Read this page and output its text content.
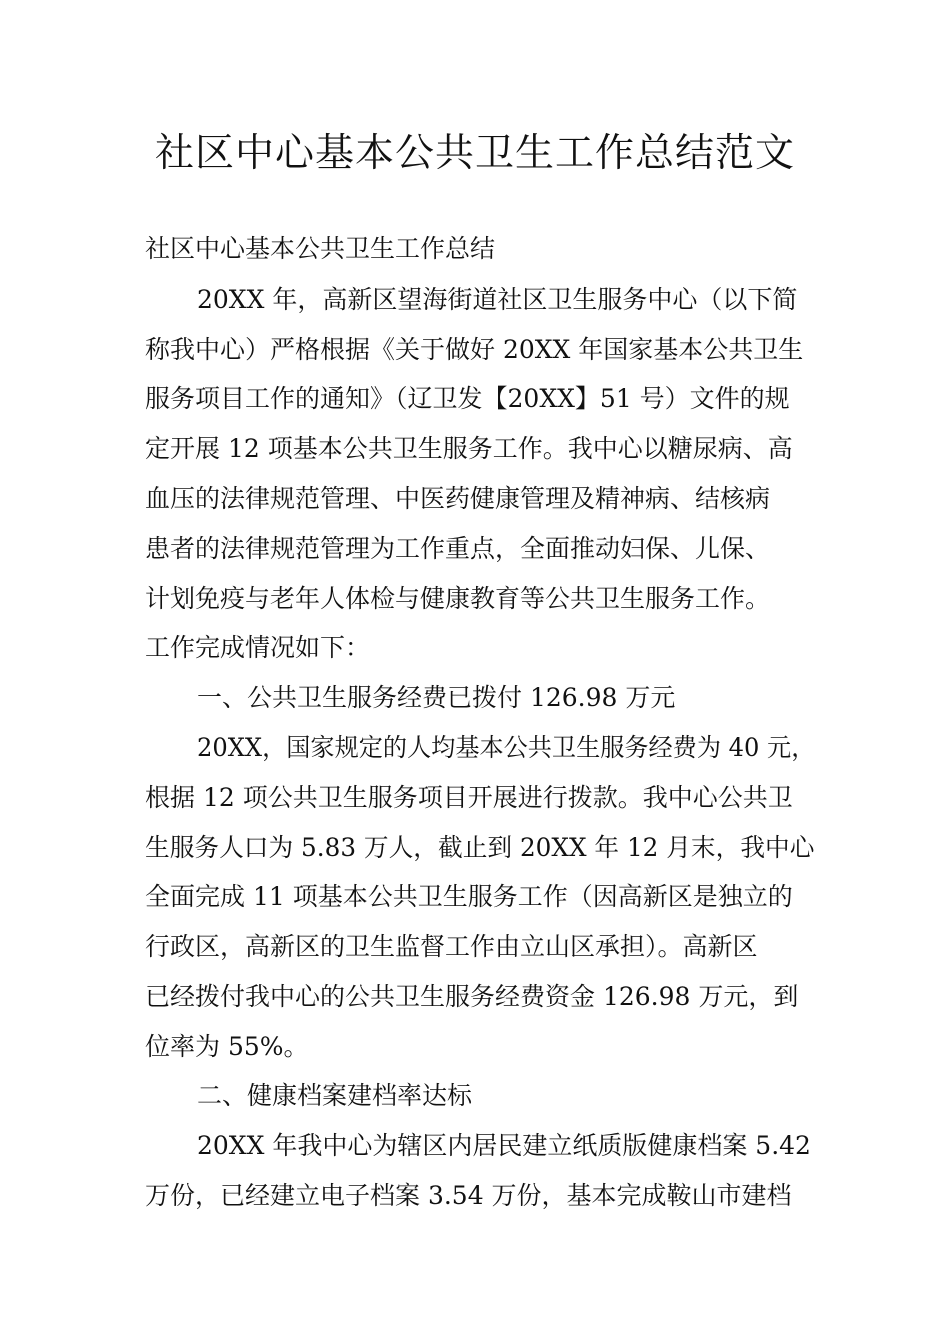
社区中心基本公共卫生工作总结范文

社区中心基本公共卫生工作总结

20XX 年，高新区望海街道社区卫生服务中心（以下简

称我中心）严格根据《关于做好 20XX 年国家基本公共卫生

服务项目工作的通知》（辽卫发【20XX】51 号）文件的规

定开展 12 项基本公共卫生服务工作。我中心以糖尿病、高

血压的法律规范管理、中医药健康管理及精神病、结核病

患者的法律规范管理为工作重点，全面推动妇保、儿保、

计划免疫与老年人体检与健康教育等公共卫生服务工作。

工作完成情况如下：

一、公共卫生服务经费已拨付 126.98 万元

20XX，国家规定的人均基本公共卫生服务经费为 40 元，

根据 12 项公共卫生服务项目开展进行拨款。我中心公共卫

生服务人口为 5.83 万人，截止到 20XX 年 12 月末，我中心

全面完成 11 项基本公共卫生服务工作（因高新区是独立的

行政区，高新区的卫生监督工作由立山区承担）。高新区

已经拨付我中心的公共卫生服务经费资金 126.98 万元，到

位率为 55%。

二、健康档案建档率达标

20XX 年我中心为辖区内居民建立纸质版健康档案 5.42

万份，已经建立电子档案 3.54 万份，基本完成鞍山市建档
